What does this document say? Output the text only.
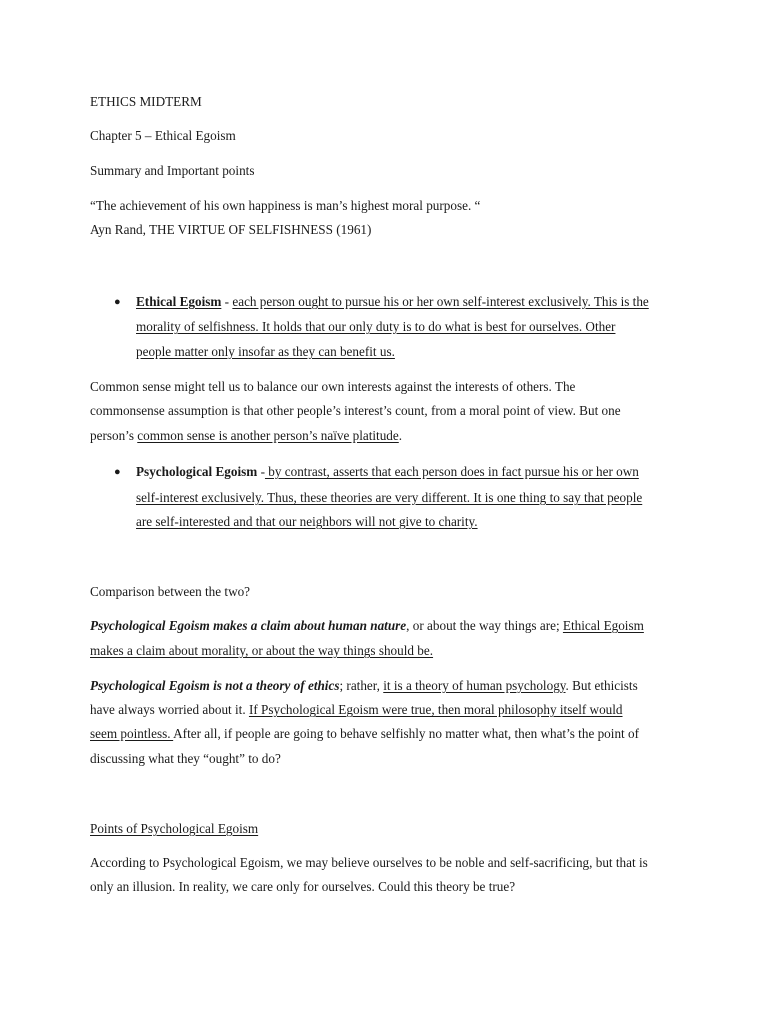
ETHICS MIDTERM
Chapter 5 – Ethical Egoism
Summary and Important points
“The achievement of his own happiness is man’s highest moral purpose. “
Ayn Rand, THE VIRTUE OF SELFISHNESS (1961)
● Ethical Egoism - each person ought to pursue his or her own self-interest exclusively. This is the
morality of selfishness. It holds that our only duty is to do what is best for ourselves. Other
people matter only insofar as they can benefit us.
Common sense might tell us to balance our own interests against the interests of others. The
commonsense assumption is that other people’s interest’s count, from a moral point of view. But one
person’s common sense is another person’s naïve platitude.
● Psychological Egoism - by contrast, asserts that each person does in fact pursue his or her own
self-interest exclusively. Thus, these theories are very different. It is one thing to say that people
are self-interested and that our neighbors will not give to charity.
Comparison between the two?
Psychological Egoism makes a claim about human nature, or about the way things are; Ethical Egoism
makes a claim about morality, or about the way things should be.
Psychological Egoism is not a theory of ethics; rather, it is a theory of human psychology. But ethicists
have always worried about it. If Psychological Egoism were true, then moral philosophy itself would
seem pointless. After all, if people are going to behave selfishly no matter what, then what’s the point of
discussing what they “ought” to do?
Points of Psychological Egoism
According to Psychological Egoism, we may believe ourselves to be noble and self-sacrificing, but that is
only an illusion. In reality, we care only for ourselves. Could this theory be true?
